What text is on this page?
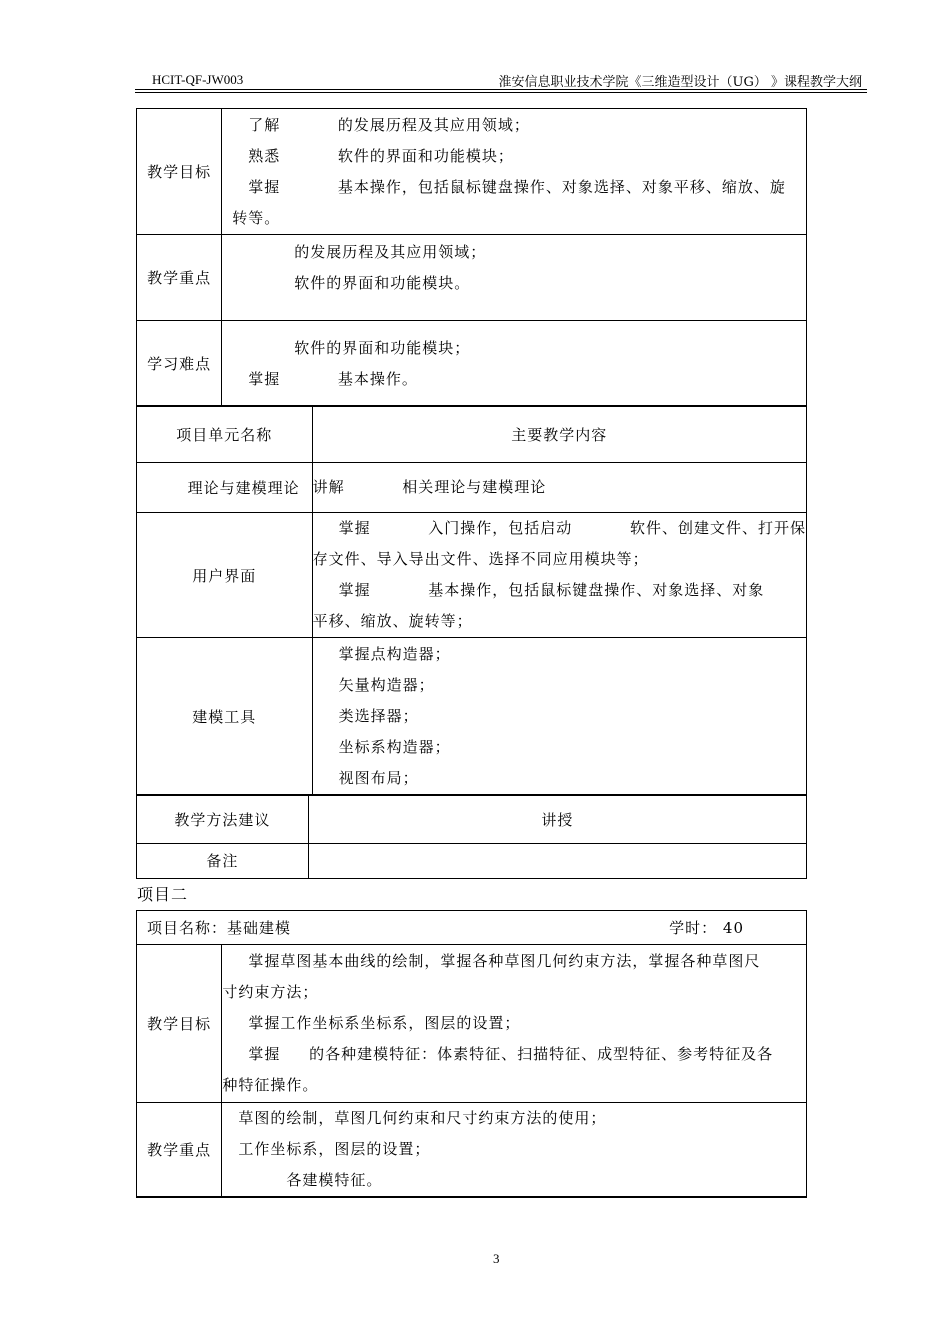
HCIT-QF-JW003	淮安信息职业技术学院《三维造型设计（UG） 》课程教学大纲
教学目标	了解          的发展历程及其应用领域；
熟悉          软件的界面和功能模块；
掌握          基本操作，包括鼠标键盘操作、对象选择、对象平移、缩放、旋
转等。

教学重点	的发展历程及其应用领域；
软件的界面和功能模块。

学习难点	软件的界面和功能模块；
掌握          基本操作。
项目单元名称	主要教学内容
理论与建模理论	讲解          相关理论与建模理论

用户界面	掌握          入门操作，包括启动          软件、创建文件、打开保
存文件、导入导出文件、选择不同应用模块等；
掌握          基本操作，包括鼠标键盘操作、对象选择、对象
平移、缩放、旋转等；

建模工具	掌握点构造器；
矢量构造器；
类选择器；
坐标系构造器；
视图布局；
教学方法建议	讲授
备注	
项目二
项目名称：基础建模 学时： 40	

教学目标	掌握草图基本曲线的绘制，掌握各种草图几何约束方法，掌握各种草图尺
寸约束方法；
掌握工作坐标系坐标系，图层的设置；
掌握     的各种建模特征：体素特征、扫描特征、成型特征、参考特征及各
种特征操作。

教学重点	草图的绘制，草图几何约束和尺寸约束方法的使用；
工作坐标系，图层的设置；
各建模特征。
3
